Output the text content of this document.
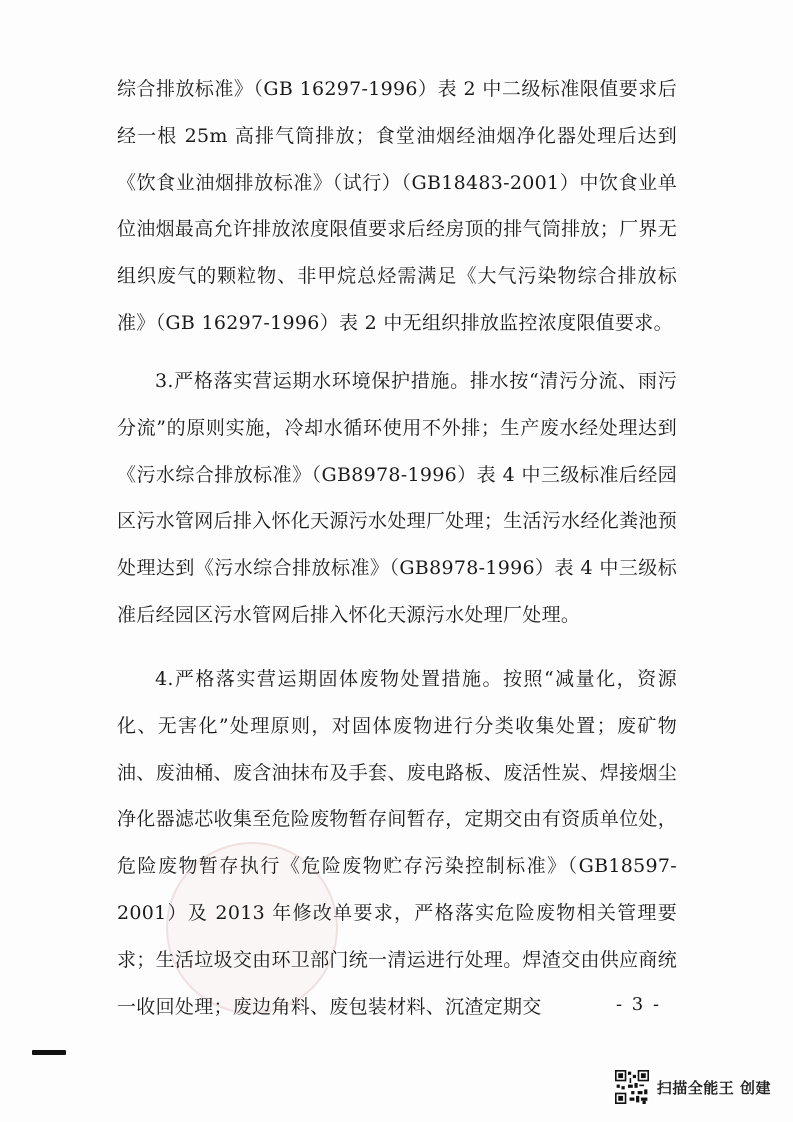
综合排放标准》（GB 16297-1996）表 2 中二级标准限值要求后经一根 25m 高排气筒排放；食堂油烟经油烟净化器处理后达到《饮食业油烟排放标准》（试行）（GB18483-2001）中饮食业单位油烟最高允许排放浓度限值要求后经房顶的排气筒排放；厂界无组织废气的颗粒物、非甲烷总烃需满足《大气污染物综合排放标准》（GB 16297-1996）表 2 中无组织排放监控浓度限值要求。
3.严格落实营运期水环境保护措施。排水按“清污分流、雨污分流”的原则实施，冷却水循环使用不外排；生产废水经处理达到《污水综合排放标准》（GB8978-1996）表 4 中三级标准后经园区污水管网后排入怀化天源污水处理厂处理；生活污水经化粪池预处理达到《污水综合排放标准》（GB8978-1996）表 4 中三级标准后经园区污水管网后排入怀化天源污水处理厂处理。
4.严格落实营运期固体废物处置措施。按照“减量化，资源化、无害化”处理原则，对固体废物进行分类收集处置；废矿物油、废油桶、废含油抹布及手套、废电路板、废活性炭、焊接烟尘净化器滤芯收集至危险废物暂存间暂存，定期交由有资质单位处，危险废物暂存执行《危险废物贮存污染控制标准》（GB18597-2001）及 2013 年修改单要求，严格落实危险废物相关管理要求；生活垃圾交由环卫部门统一清运进行处理。焊渣交由供应商统一收回处理；废边角料、废包装材料、沉渣定期交	- 3 -
扫描全能王 创建
